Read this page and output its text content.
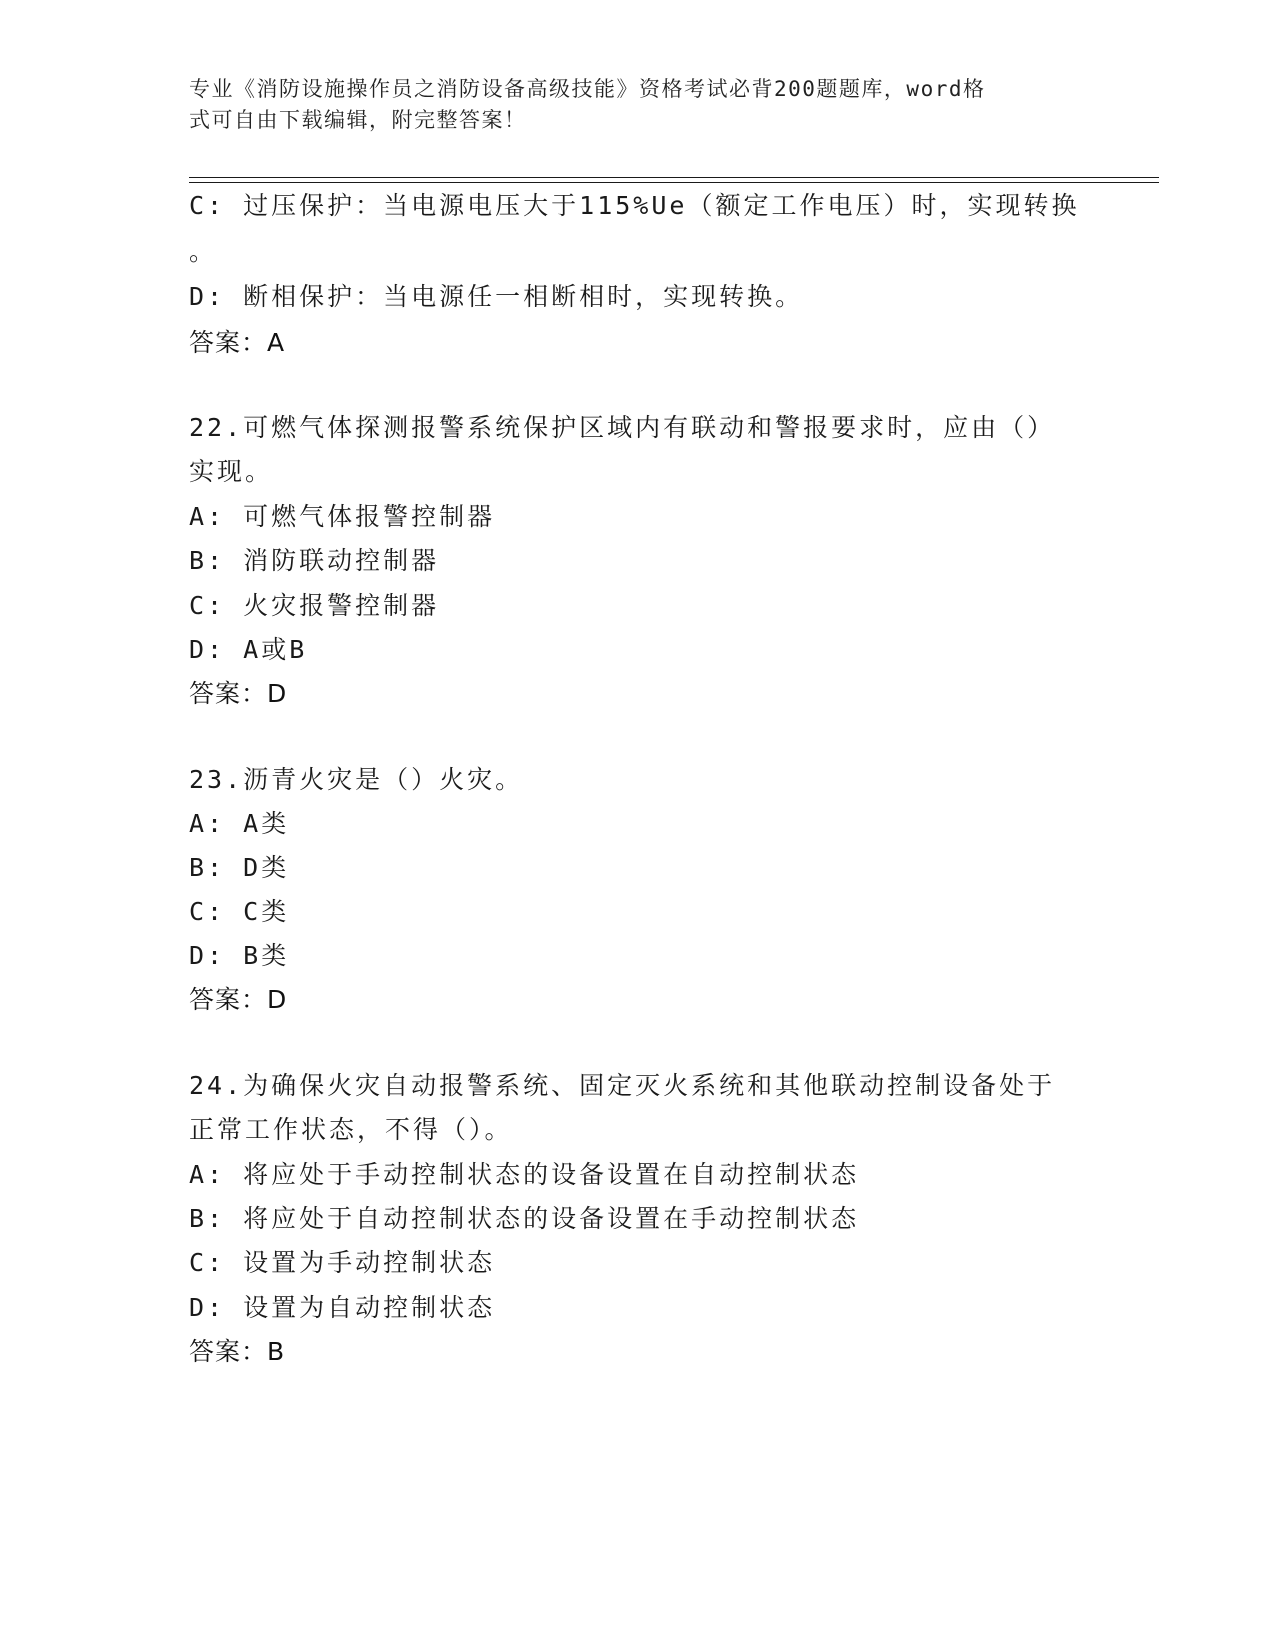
专业《消防设施操作员之消防设备高级技能》资格考试必背200题题库，word格
式可自由下载编辑，附完整答案！
C: 过压保护：当电源电压大于115%Ue（额定工作电压）时，实现转换
。
D: 断相保护：当电源任一相断相时，实现转换。
答案：A
22.可燃气体探测报警系统保护区域内有联动和警报要求时，应由（）
实现。
A: 可燃气体报警控制器
B: 消防联动控制器
C: 火灾报警控制器
D: A或B
答案：D
23.沥青火灾是（）火灾。
A: A类
B: D类
C: C类
D: B类
答案：D
24.为确保火灾自动报警系统、固定灭火系统和其他联动控制设备处于
正常工作状态，不得（）。
A: 将应处于手动控制状态的设备设置在自动控制状态
B: 将应处于自动控制状态的设备设置在手动控制状态
C: 设置为手动控制状态
D: 设置为自动控制状态
答案：B
